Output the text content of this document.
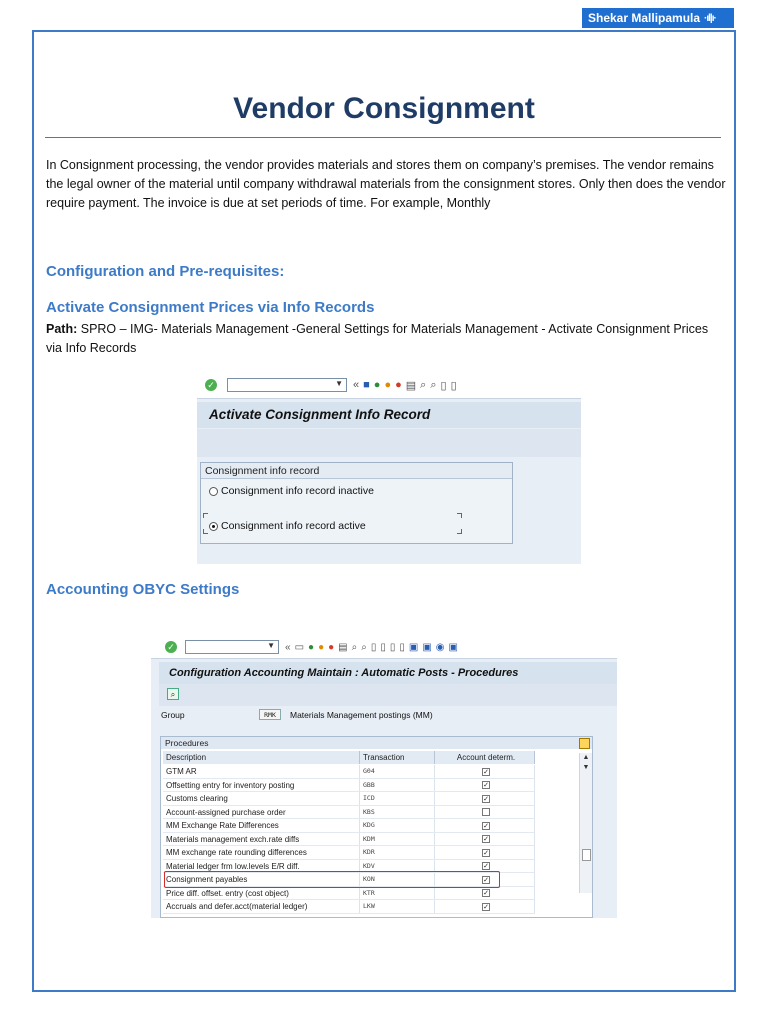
Shekar Mallipamula ·ıl|ı·
Vendor Consignment
In Consignment processing, the vendor provides materials and stores them on company’s premises. The vendor remains the legal owner of the material until company withdrawal materials from the consignment stores. Only then does the vendor require payment. The invoice is due at set periods of time. For example, Monthly
Configuration and Pre-requisites:
Activate Consignment Prices via Info Records
Path: SPRO – IMG- Materials Management -General Settings for Materials Management - Activate Consignment Prices via Info Records
✓	▼ « ■ ● ● ● ▤ ⌕ ⌕ ▯ ▯
Activate Consignment Info Record
Consignment info record
Consignment info record inactive
Consignment info record active
Accounting OBYC Settings
✓	▼ « ▭ ● ● ● ▤ ⌕ ⌕ ▯ ▯ ▯ ▯ ▣ ▣ ◉ ▣
Configuration Accounting Maintain : Automatic Posts - Procedures
⌕
Group	RMK	Materials Management postings (MM)
Procedures
Description	Transaction	Account determ.
GTM AR	G04	✓
Offsetting entry for inventory posting	GBB	✓
Customs clearing	ICD	✓
Account-assigned purchase order	KBS
MM Exchange Rate Differences	KDG	✓
Materials management exch.rate diffs	KDM	✓
MM exchange rate rounding differences	KDR	✓
Material ledger frm low.levels E/R diff.	KDV	✓
Consignment payables	KON	✓
Price diff. offset. entry (cost object)	KTR	✓
Accruals and defer.acct(material ledger)	LKW	✓
▲
▼
